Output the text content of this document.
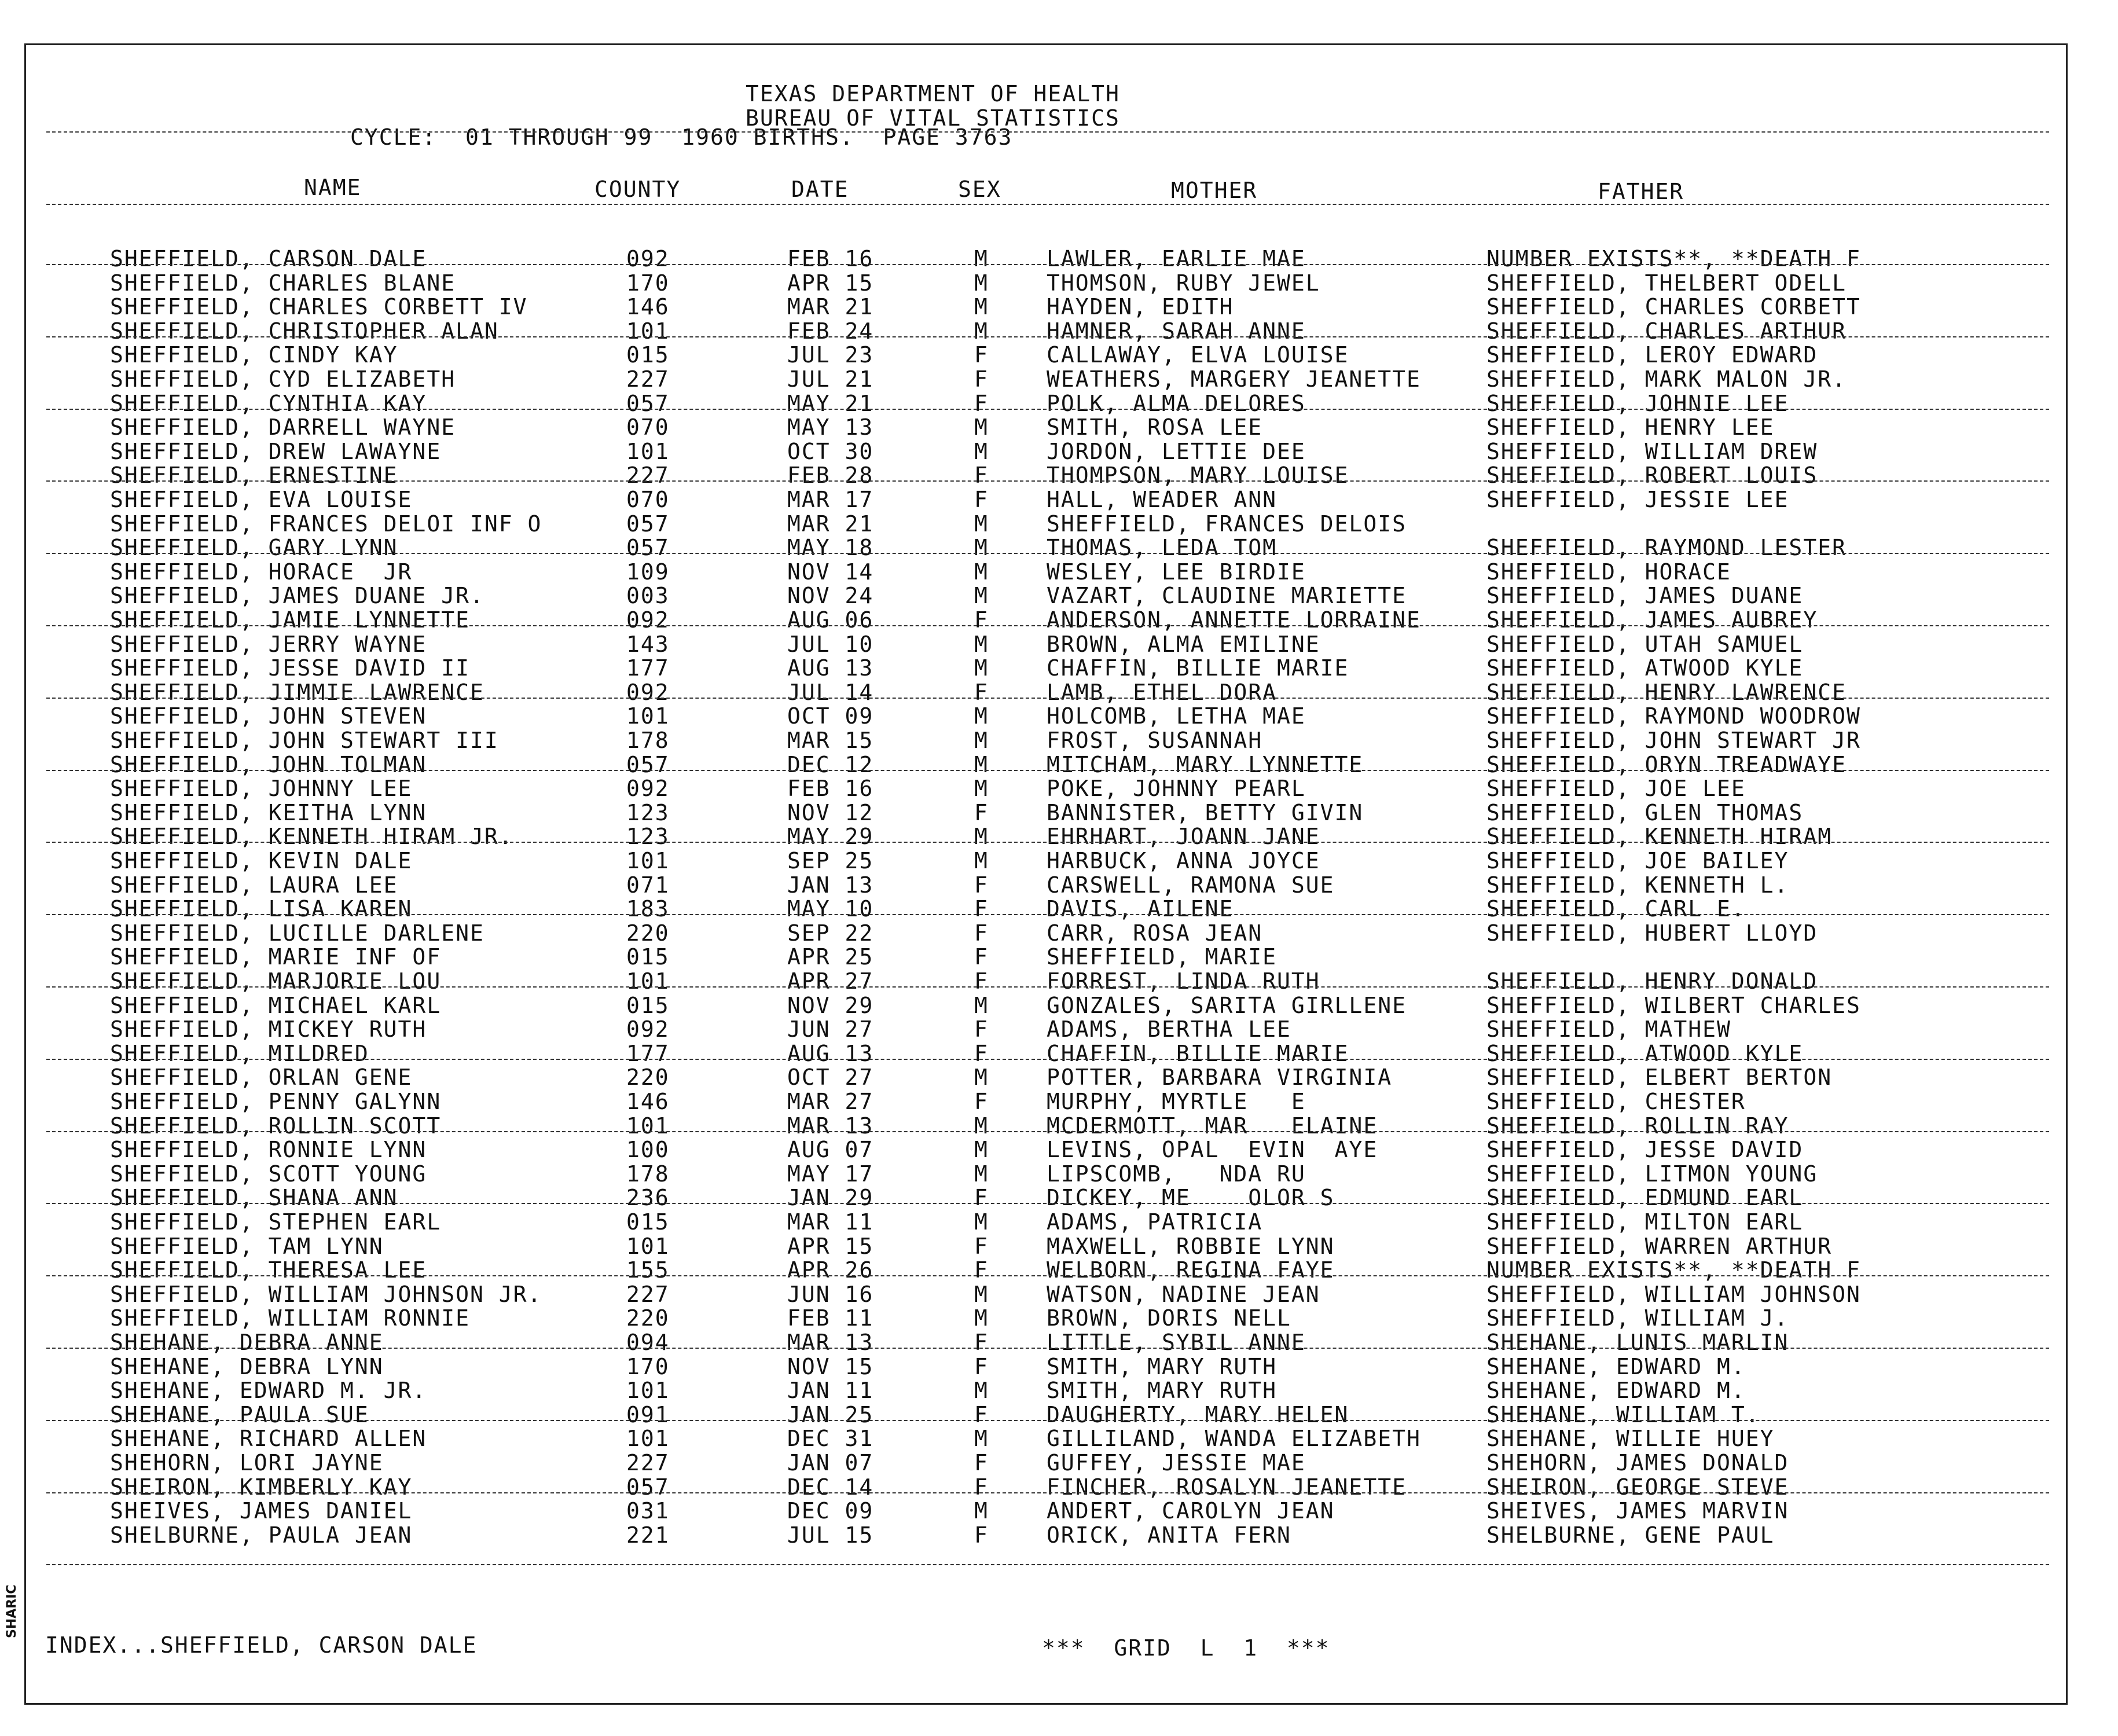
TEXAS DEPARTMENT OF HEALTH
BUREAU OF VITAL STATISTICS
CYCLE:  01 THROUGH 99  1960 BIRTHS.  PAGE 3763
NAME	COUNTY	DATE	SEX	MOTHER	FATHER
SHEFFIELD, CARSON DALE	092	FEB 16	M	LAWLER, EARLIE MAE	NUMBER EXISTS**, **DEATH F
SHEFFIELD, CHARLES BLANE	170	APR 15	M	THOMSON, RUBY JEWEL	SHEFFIELD, THELBERT ODELL
SHEFFIELD, CHARLES CORBETT IV	146	MAR 21	M	HAYDEN, EDITH	SHEFFIELD, CHARLES CORBETT
SHEFFIELD, CHRISTOPHER ALAN	101	FEB 24	M	HAMNER, SARAH ANNE	SHEFFIELD, CHARLES ARTHUR
SHEFFIELD, CINDY KAY	015	JUL 23	F	CALLAWAY, ELVA LOUISE	SHEFFIELD, LEROY EDWARD
SHEFFIELD, CYD ELIZABETH	227	JUL 21	F	WEATHERS, MARGERY JEANETTE	SHEFFIELD, MARK MALON JR.
SHEFFIELD, CYNTHIA KAY	057	MAY 21	F	POLK, ALMA DELORES	SHEFFIELD, JOHNIE LEE
SHEFFIELD, DARRELL WAYNE	070	MAY 13	M	SMITH, ROSA LEE	SHEFFIELD, HENRY LEE
SHEFFIELD, DREW LAWAYNE	101	OCT 30	M	JORDON, LETTIE DEE	SHEFFIELD, WILLIAM DREW
SHEFFIELD, ERNESTINE	227	FEB 28	F	THOMPSON, MARY LOUISE	SHEFFIELD, ROBERT LOUIS
SHEFFIELD, EVA LOUISE	070	MAR 17	F	HALL, WEADER ANN	SHEFFIELD, JESSIE LEE
SHEFFIELD, FRANCES DELOI INF O	057	MAR 21	M	SHEFFIELD, FRANCES DELOIS
SHEFFIELD, GARY LYNN	057	MAY 18	M	THOMAS, LEDA TOM	SHEFFIELD, RAYMOND LESTER
SHEFFIELD, HORACE  JR	109	NOV 14	M	WESLEY, LEE BIRDIE	SHEFFIELD, HORACE
SHEFFIELD, JAMES DUANE JR.	003	NOV 24	M	VAZART, CLAUDINE MARIETTE	SHEFFIELD, JAMES DUANE
SHEFFIELD, JAMIE LYNNETTE	092	AUG 06	F	ANDERSON, ANNETTE LORRAINE	SHEFFIELD, JAMES AUBREY
SHEFFIELD, JERRY WAYNE	143	JUL 10	M	BROWN, ALMA EMILINE	SHEFFIELD, UTAH SAMUEL
SHEFFIELD, JESSE DAVID II	177	AUG 13	M	CHAFFIN, BILLIE MARIE	SHEFFIELD, ATWOOD KYLE
SHEFFIELD, JIMMIE LAWRENCE	092	JUL 14	F	LAMB, ETHEL DORA	SHEFFIELD, HENRY LAWRENCE
SHEFFIELD, JOHN STEVEN	101	OCT 09	M	HOLCOMB, LETHA MAE	SHEFFIELD, RAYMOND WOODROW
SHEFFIELD, JOHN STEWART III	178	MAR 15	M	FROST, SUSANNAH	SHEFFIELD, JOHN STEWART JR
SHEFFIELD, JOHN TOLMAN	057	DEC 12	M	MITCHAM, MARY LYNNETTE	SHEFFIELD, ORYN TREADWAYE
SHEFFIELD, JOHNNY LEE	092	FEB 16	M	POKE, JOHNNY PEARL	SHEFFIELD, JOE LEE
SHEFFIELD, KEITHA LYNN	123	NOV 12	F	BANNISTER, BETTY GIVIN	SHEFFIELD, GLEN THOMAS
SHEFFIELD, KENNETH HIRAM JR.	123	MAY 29	M	EHRHART, JOANN JANE	SHEFFIELD, KENNETH HIRAM
SHEFFIELD, KEVIN DALE	101	SEP 25	M	HARBUCK, ANNA JOYCE	SHEFFIELD, JOE BAILEY
SHEFFIELD, LAURA LEE	071	JAN 13	F	CARSWELL, RAMONA SUE	SHEFFIELD, KENNETH L.
SHEFFIELD, LISA KAREN	183	MAY 10	F	DAVIS, AILENE	SHEFFIELD, CARL E.
SHEFFIELD, LUCILLE DARLENE	220	SEP 22	F	CARR, ROSA JEAN	SHEFFIELD, HUBERT LLOYD
SHEFFIELD, MARIE INF OF	015	APR 25	F	SHEFFIELD, MARIE
SHEFFIELD, MARJORIE LOU	101	APR 27	F	FORREST, LINDA RUTH	SHEFFIELD, HENRY DONALD
SHEFFIELD, MICHAEL KARL	015	NOV 29	M	GONZALES, SARITA GIRLLENE	SHEFFIELD, WILBERT CHARLES
SHEFFIELD, MICKEY RUTH	092	JUN 27	F	ADAMS, BERTHA LEE	SHEFFIELD, MATHEW
SHEFFIELD, MILDRED	177	AUG 13	F	CHAFFIN, BILLIE MARIE	SHEFFIELD, ATWOOD KYLE
SHEFFIELD, ORLAN GENE	220	OCT 27	M	POTTER, BARBARA VIRGINIA	SHEFFIELD, ELBERT BERTON
SHEFFIELD, PENNY GALYNN	146	MAR 27	F	MURPHY, MYRTLE   E	SHEFFIELD, CHESTER
SHEFFIELD, ROLLIN SCOTT	101	MAR 13	M	MCDERMOTT, MAR   ELAINE	SHEFFIELD, ROLLIN RAY
SHEFFIELD, RONNIE LYNN	100	AUG 07	M	LEVINS, OPAL  EVIN  AYE	SHEFFIELD, JESSE DAVID
SHEFFIELD, SCOTT YOUNG	178	MAY 17	M	LIPSCOMB,   NDA RU	SHEFFIELD, LITMON YOUNG
SHEFFIELD, SHANA ANN	236	JAN 29	F	DICKEY, ME    OLOR S	SHEFFIELD, EDMUND EARL
SHEFFIELD, STEPHEN EARL	015	MAR 11	M	ADAMS, PATRICIA	SHEFFIELD, MILTON EARL
SHEFFIELD, TAM LYNN	101	APR 15	F	MAXWELL, ROBBIE LYNN	SHEFFIELD, WARREN ARTHUR
SHEFFIELD, THERESA LEE	155	APR 26	F	WELBORN, REGINA FAYE	NUMBER EXISTS**, **DEATH F
SHEFFIELD, WILLIAM JOHNSON JR.	227	JUN 16	M	WATSON, NADINE JEAN	SHEFFIELD, WILLIAM JOHNSON
SHEFFIELD, WILLIAM RONNIE	220	FEB 11	M	BROWN, DORIS NELL	SHEFFIELD, WILLIAM J.
SHEHANE, DEBRA ANNE	094	MAR 13	F	LITTLE, SYBIL ANNE	SHEHANE, LUNIS MARLIN
SHEHANE, DEBRA LYNN	170	NOV 15	F	SMITH, MARY RUTH	SHEHANE, EDWARD M.
SHEHANE, EDWARD M. JR.	101	JAN 11	M	SMITH, MARY RUTH	SHEHANE, EDWARD M.
SHEHANE, PAULA SUE	091	JAN 25	F	DAUGHERTY, MARY HELEN	SHEHANE, WILLIAM T.
SHEHANE, RICHARD ALLEN	101	DEC 31	M	GILLILAND, WANDA ELIZABETH	SHEHANE, WILLIE HUEY
SHEHORN, LORI JAYNE	227	JAN 07	F	GUFFEY, JESSIE MAE	SHEHORN, JAMES DONALD
SHEIRON, KIMBERLY KAY	057	DEC 14	F	FINCHER, ROSALYN JEANETTE	SHEIRON, GEORGE STEVE
SHEIVES, JAMES DANIEL	031	DEC 09	M	ANDERT, CAROLYN JEAN	SHEIVES, JAMES MARVIN
SHELBURNE, PAULA JEAN	221	JUL 15	F	ORICK, ANITA FERN	SHELBURNE, GENE PAUL
INDEX...SHEFFIELD, CARSON DALE	***  GRID  L  1  ***
SHARIC
